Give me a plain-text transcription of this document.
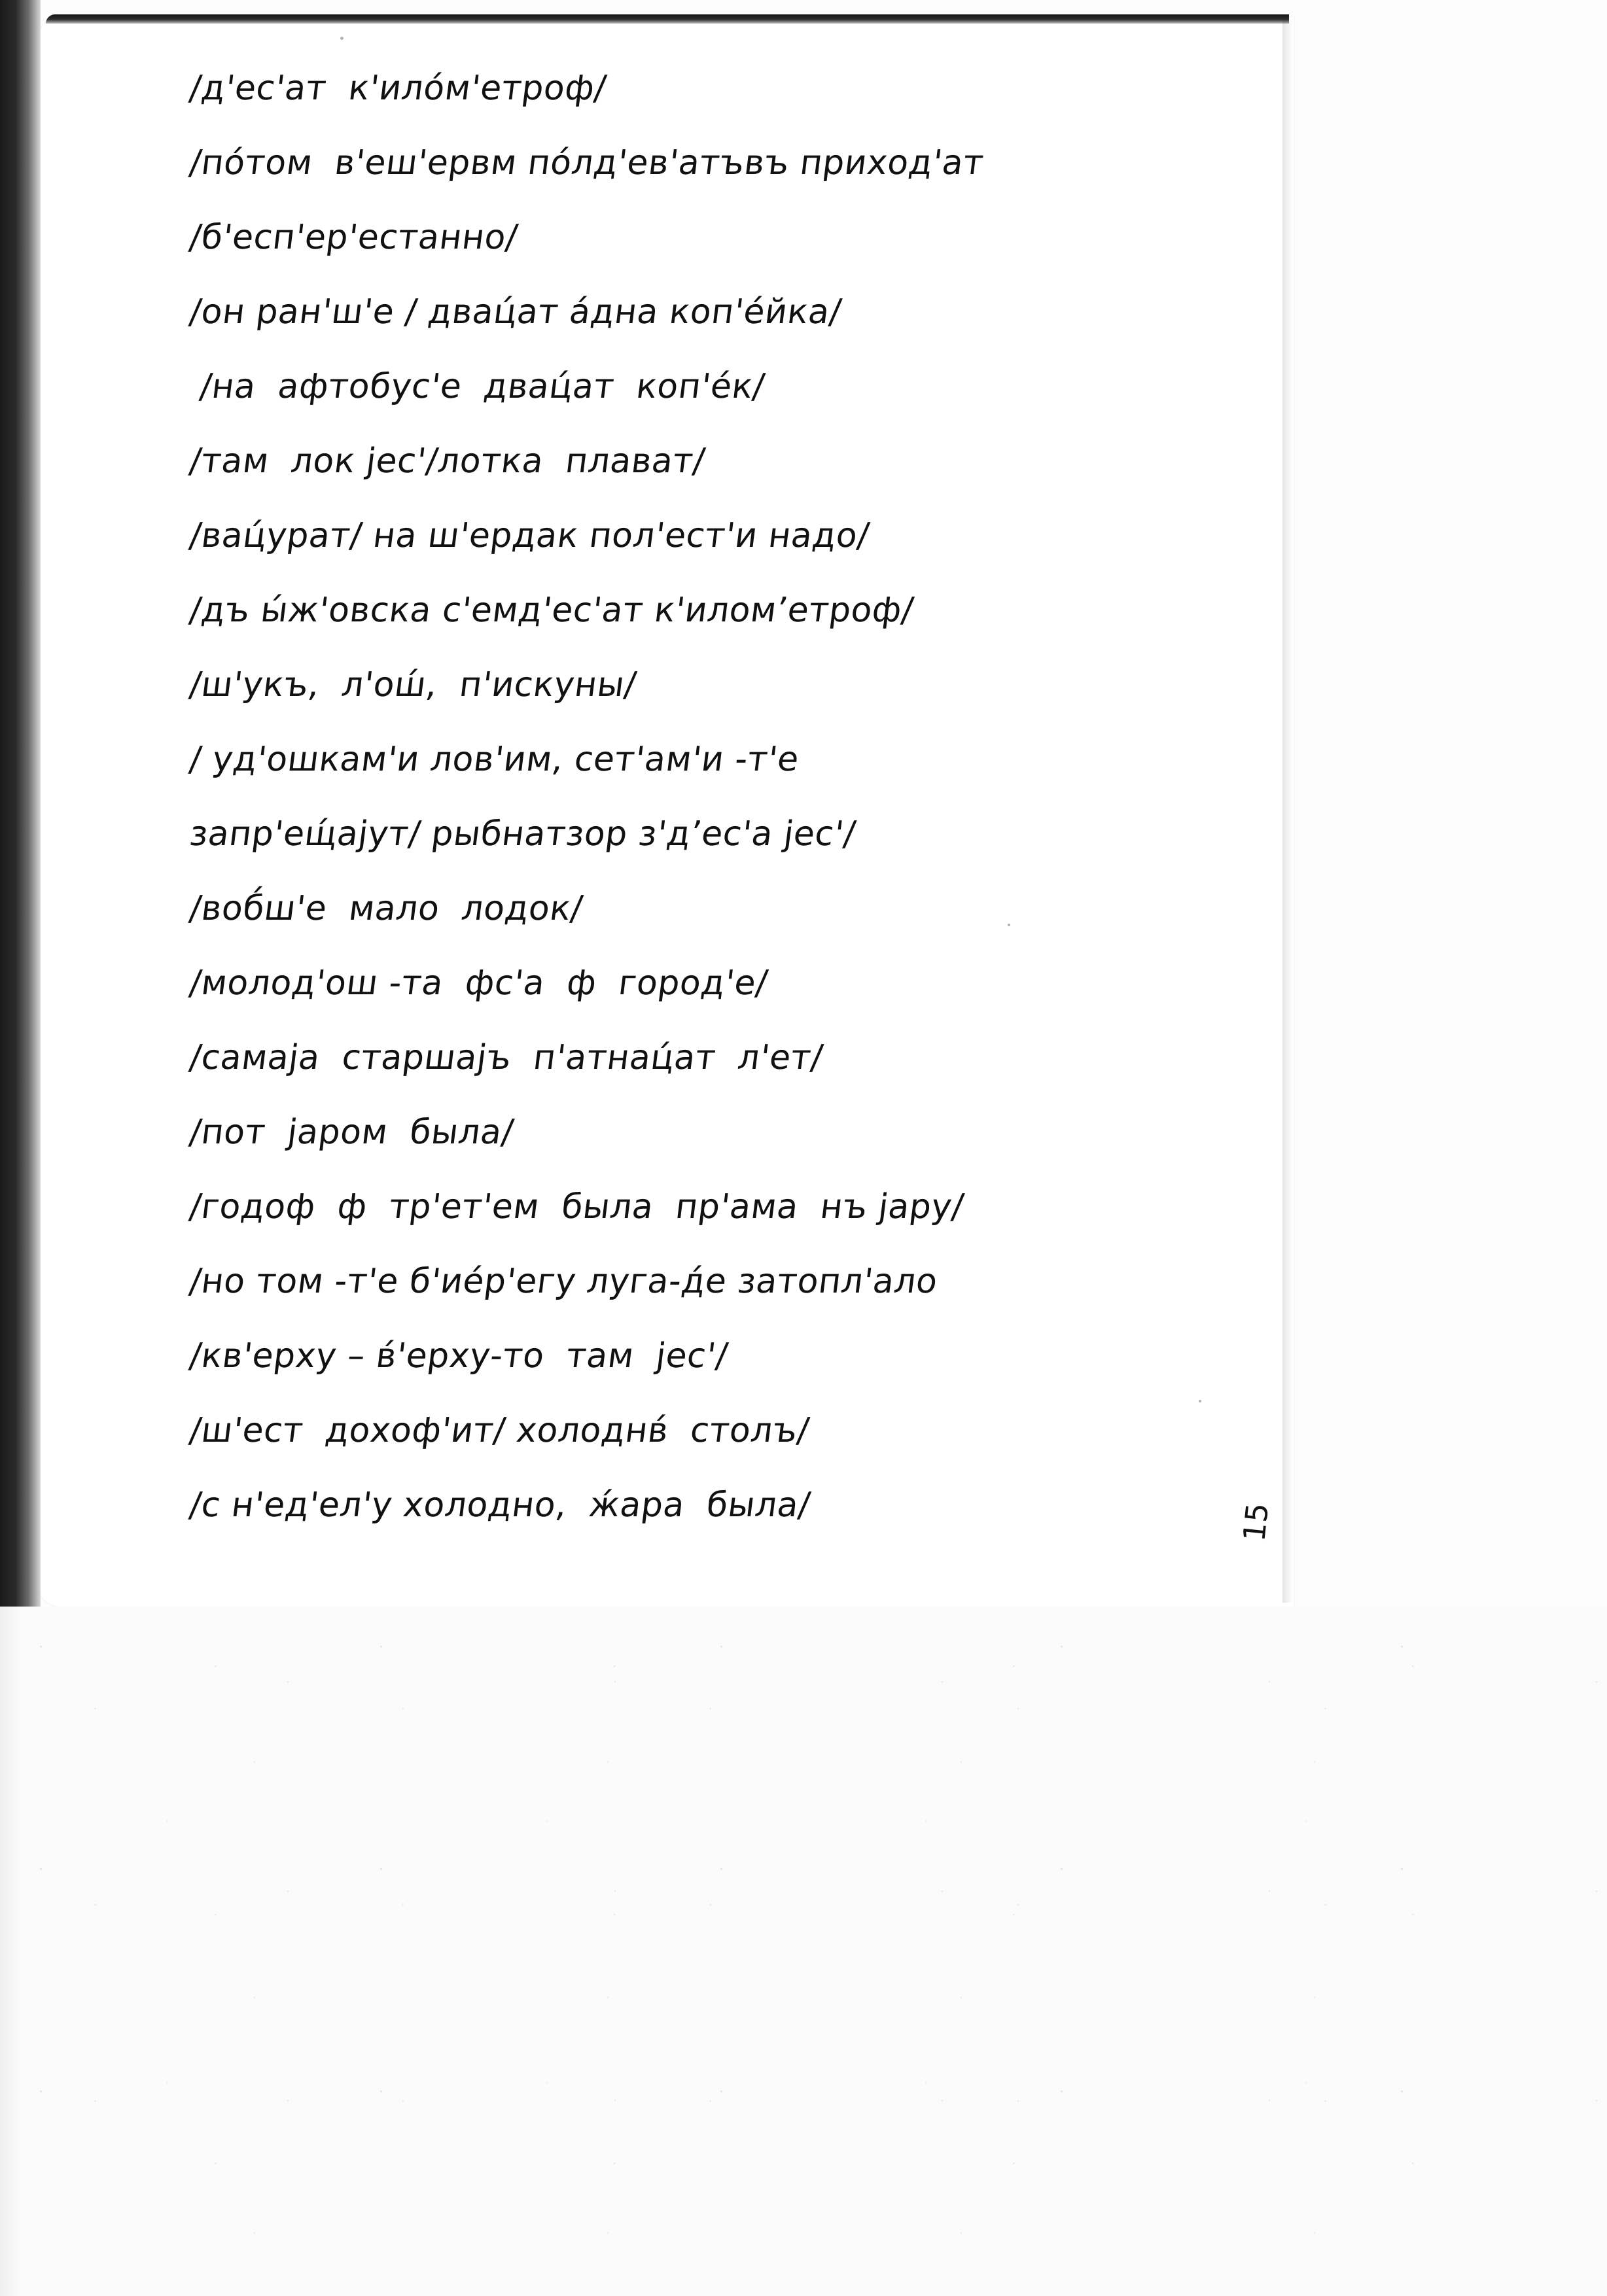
/д'ес'ат  к'ило́м'етроф/
/по́том  в'еш'ервм по́лд'ев'атъвъ приход'ат
/б'есп'ер'естанно/
/он ран'ш'е / двац́ат а́дна коп'е́йка/
/на  афтобус'е  двац́ат  коп'е́к/
/там  лок jес'/лотка  плават/
/вац́урат/ на ш'ердак пол'ест'и надо/
/дъ ы́ж'овска с'емд'ес'ат к'иломʼетроф/
/ш'укъ,  л'ош́,  п'искуны/
/ уд'ошкам'и лов'им, сет'ам'и -т'е
запр'ещ́аjут/ рыбнатзор з'дʼес'а jес'/
/воб́ш'е  мало  лодок/
/молод'ош -та  фс'а  ф  город'е/
/самаjа  старшаjъ  п'атнац́ат  л'ет/
/пот  jаром  была/
/годоф  ф  тр'ет'ем  была  пр'ама  нъ jару/
/но том -т'е б'ие́р'егу луга-д́е затопл'ало
/кв'ерху – в́'ерху-то  там  jес'/
/ш'ест  дохоф'ит/ холоднв́  столъ/
/с н'ед'ел'у холодно,  ж́ара  была/	15
